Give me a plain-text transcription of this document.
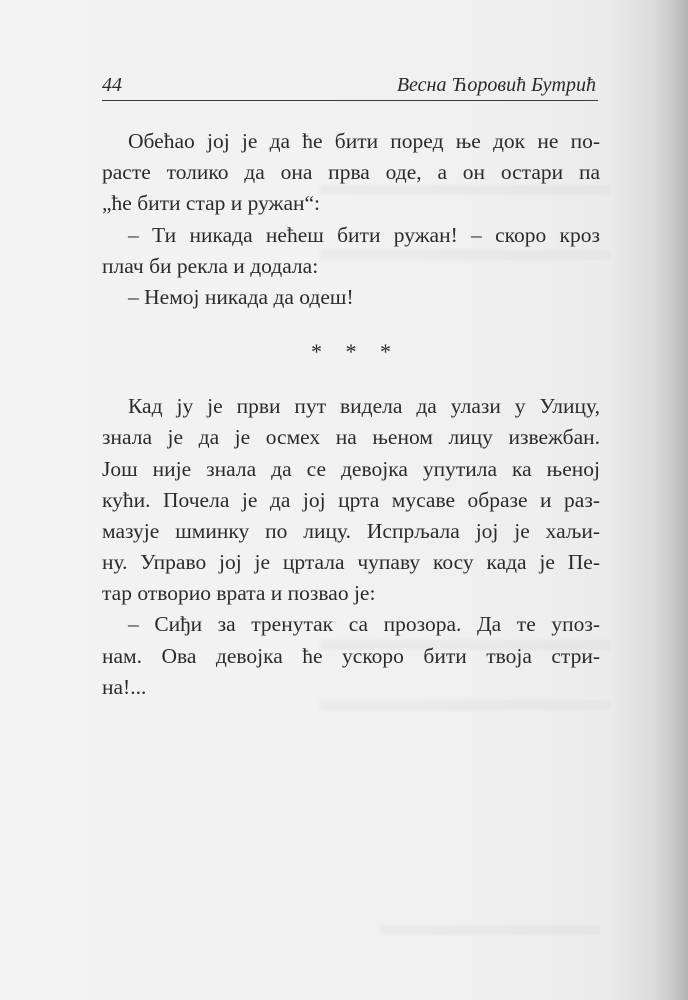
44	Весна Ћоровић Бутрић
Обећао јој је да ће бити поред ње док не по-
расте толико да она прва оде, а он остари па
„ће бити стар и ружан“:
– Ти никада нећеш бити ружан! – скоро кроз
плач би рекла и додала:
– Немој никада да одеш!
* * *
Кад ју је први пут видела да улази у Улицу,
знала је да је осмех на њеном лицу извежбан.
Још није знала да се девојка упутила ка њеној
кући. Почела је да јој црта мусаве образе и раз-
мазује шминку по лицу. Испрљала јој је хаљи-
ну. Управо јој је цртала чупаву косу када је Пе-
тар отворио врата и позвао је:
– Сиђи за тренутак са прозора. Да те упоз-
нам. Ова девојка ће ускоро бити твоја стри-
на!...
